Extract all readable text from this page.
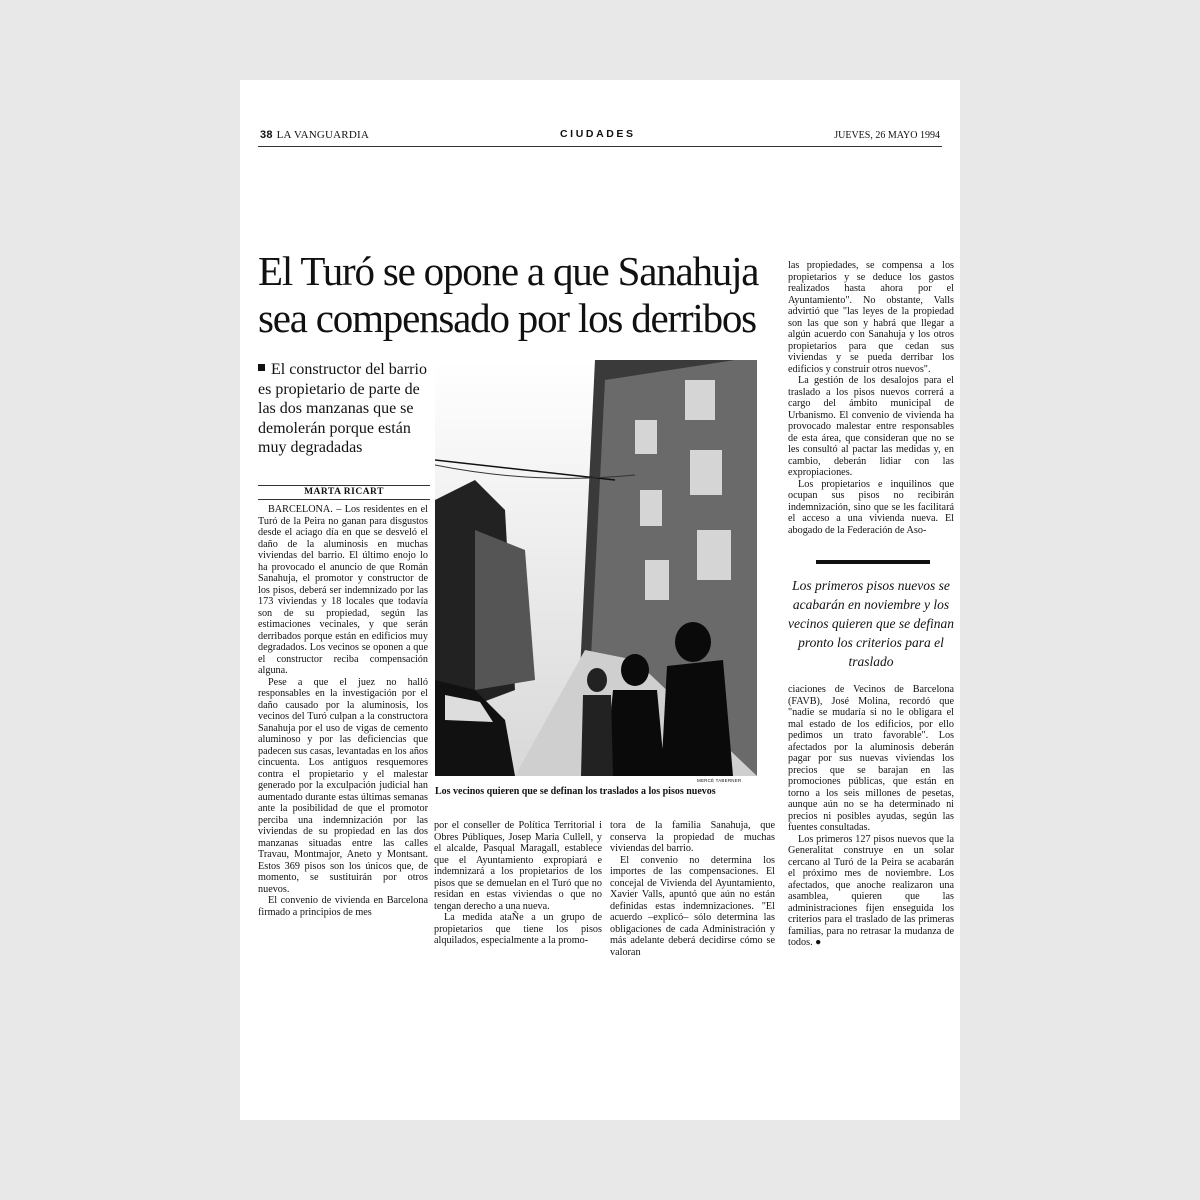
38 LA VANGUARDIA	CIUDADES	JUEVES, 26 MAYO 1994
El Turó se opone a que Sanahuja sea compensado por los derribos
El constructor del barrio es propietario de parte de las dos manzanas que se demolerán porque están muy degradadas
MARTA RICART

BARCELONA. – Los residentes en el Turó de la Peira no ganan para disgustos desde el aciago día en que se desveló el daño de la aluminosis en muchas viviendas del barrio. El último enojo lo ha provocado el anuncio de que Román Sanahuja, el promotor y constructor de los pisos, deberá ser indemnizado por las 173 viviendas y 18 locales que todavía son de su propiedad, según las estimaciones vecinales, y que serán derribados porque están en edificios muy degradados. Los vecinos se oponen a que el constructor reciba compensación alguna.

Pese a que el juez no halló responsables en la investigación por el daño causado por la aluminosis, los vecinos del Turó culpan a la constructora Sanahuja por el uso de vigas de cemento aluminoso y por las deficiencias que padecen sus casas, levantadas en los años cincuenta. Los antiguos resquemores contra el propietario y el malestar generado por la exculpación judicial han aumentado durante estas últimas semanas ante la posibilidad de que el promotor perciba una indemnización por las viviendas de su propiedad en las dos manzanas situadas entre las calles Travau, Montmajor, Aneto y Montsant. Estos 369 pisos son los únicos que, de momento, se sustituirán por otros nuevos.

El convenio de vivienda en Barcelona firmado a principios de mes

MERCÈ TABERNER
Los vecinos quieren que se definan los traslados a los pisos nuevos

por el conseller de Política Territorial i Obres Públiques, Josep Maria Cullell, y el alcalde, Pasqual Maragall, establece que el Ayuntamiento expropiará e indemnizará a los propietarios de los pisos que se demuelan en el Turó que no residan en estas viviendas o que no tengan derecho a una nueva.

La medida ataÑe a un grupo de propietarios que tiene los pisos alquilados, especialmente a la promo-

tora de la familia Sanahuja, que conserva la propiedad de muchas viviendas del barrio.

El convenio no determina los importes de las compensaciones. El concejal de Vivienda del Ayuntamiento, Xavier Valls, apuntó que aún no están definidas estas indemnizaciones. "El acuerdo –explicó– sólo determina las obligaciones de cada Administración y más adelante deberá decidirse cómo se valoran

las propiedades, se compensa a los propietarios y se deduce los gastos realizados hasta ahora por el Ayuntamiento". No obstante, Valls advirtió que "las leyes de la propiedad son las que son y habrá que llegar a algún acuerdo con Sanahuja y los otros propietarios para que cedan sus viviendas y se pueda derribar los edificios y construir otros nuevos".

La gestión de los desalojos para el traslado a los pisos nuevos correrá a cargo del ámbito municipal de Urbanismo. El convenio de vivienda ha provocado malestar entre responsables de esta área, que consideran que no se les consultó al pactar las medidas y, en cambio, deberán lidiar con las expropiaciones.

Los propietarios e inquilinos que ocupan sus pisos no recibirán indemnización, sino que se les facilitará el acceso a una vivienda nueva. El abogado de la Federación de Aso-

Los primeros pisos nuevos se acabarán en noviembre y los vecinos quieren que se definan pronto los criterios para el traslado

ciaciones de Vecinos de Barcelona (FAVB), José Molina, recordó que "nadie se mudaría si no le obligara el mal estado de los edificios, por ello pedimos un trato favorable". Los afectados por la aluminosis deberán pagar por sus nuevas viviendas los precios que se barajan en las promociones públicas, que están en torno a los seis millones de pesetas, aunque aún no se ha determinado ni precios ni posibles ayudas, según las fuentes consultadas.

Los primeros 127 pisos nuevos que la Generalitat construye en un solar cercano al Turó de la Peira se acabarán el próximo mes de noviembre. Los afectados, que anoche realizaron una asamblea, quieren que las administraciones fijen enseguida los criterios para el traslado de las primeras familias, para no retrasar la mudanza de todos. ●
